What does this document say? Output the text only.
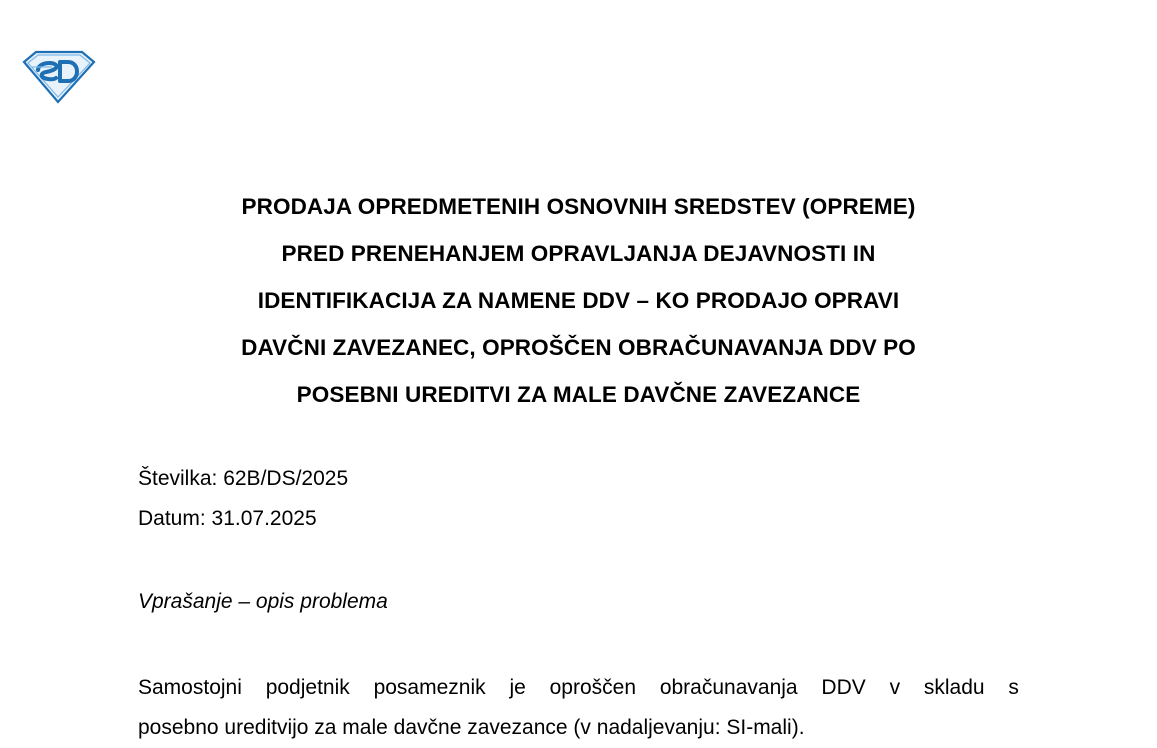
PRODAJA OPREDMETENIH OSNOVNIH SREDSTEV (OPREME)
PRED PRENEHANJEM OPRAVLJANJA DEJAVNOSTI IN
IDENTIFIKACIJA ZA NAMENE DDV – KO PRODAJO OPRAVI
DAVČNI ZAVEZANEC, OPROŠČEN OBRAČUNAVANJA DDV PO
POSEBNI UREDITVI ZA MALE DAVČNE ZAVEZANCE
Številka: 62B/DS/2025
Datum: 31.07.2025
Vprašanje – opis problema
Samostojni podjetnik posameznik je oproščen obračunavanja DDV v skladu s
posebno ureditvijo za male davčne zavezance (v nadaljevanju: SI-mali).
